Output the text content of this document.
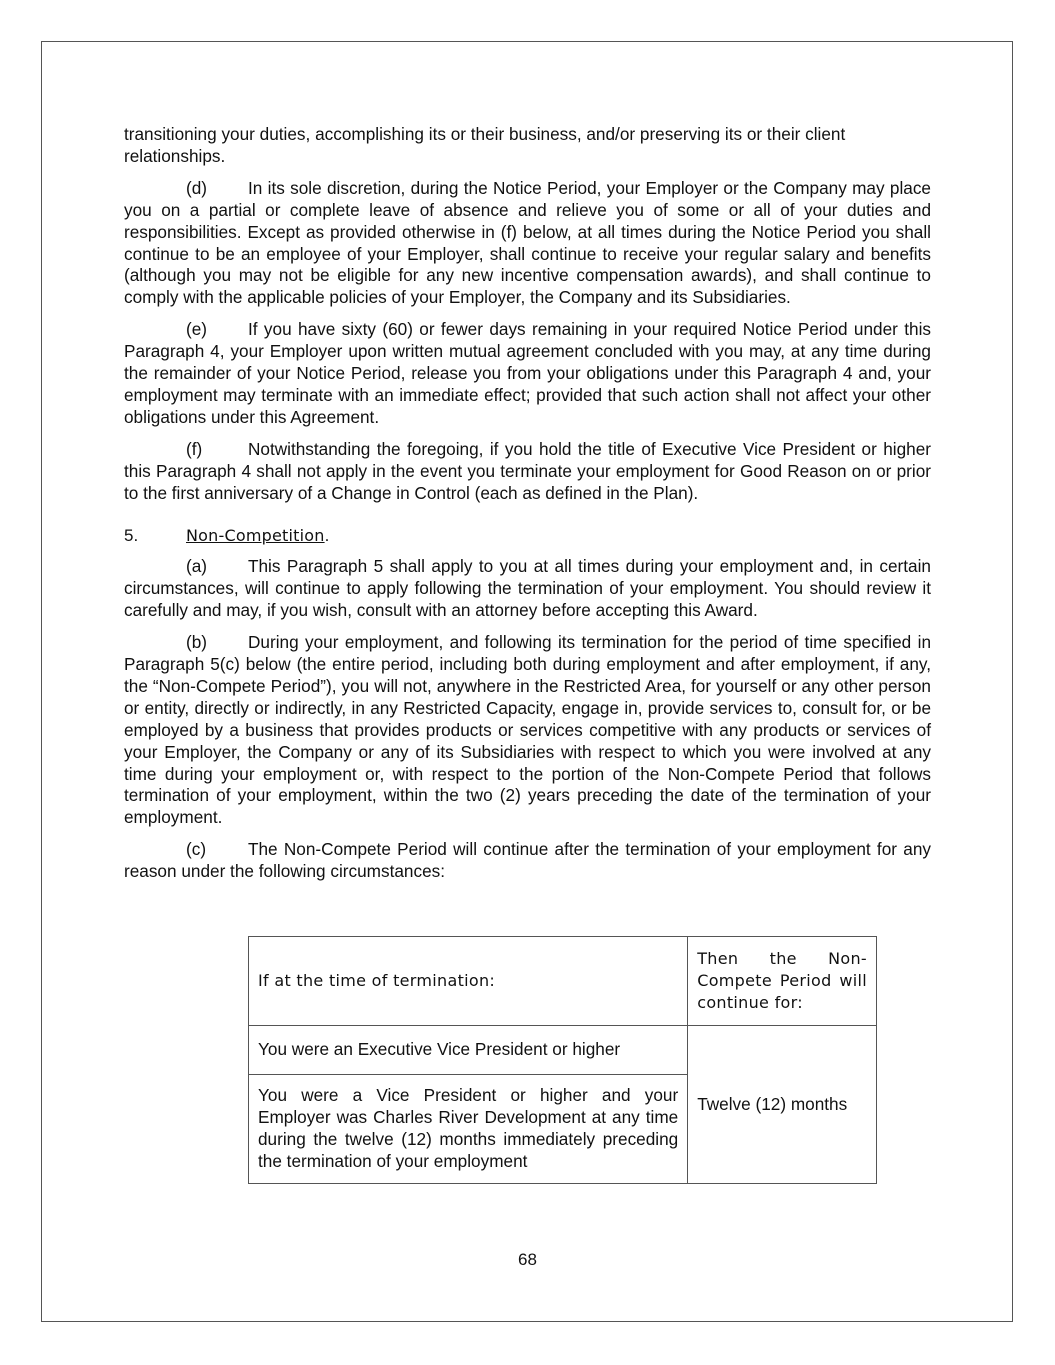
transitioning your duties, accomplishing its or their business, and/or preserving its or their client relationships.

(d) In its sole discretion, during the Notice Period, your Employer or the Company may place you on a partial or complete leave of absence and relieve you of some or all of your duties and responsibilities. Except as provided otherwise in (f) below, at all times during the Notice Period you shall continue to be an employee of your Employer, shall continue to receive your regular salary and benefits (although you may not be eligible for any new incentive compensation awards), and shall continue to comply with the applicable policies of your Employer, the Company and its Subsidiaries.

(e) If you have sixty (60) or fewer days remaining in your required Notice Period under this Paragraph 4, your Employer upon written mutual agreement concluded with you may, at any time during the remainder of your Notice Period, release you from your obligations under this Paragraph 4 and, your employment may terminate with an immediate effect; provided that such action shall not affect your other obligations under this Agreement.

(f)	Notwithstanding the foregoing, if you hold the title of Executive Vice President or higher this Paragraph 4 shall not apply in the event you terminate your employment for Good Reason on or prior to the first anniversary of a Change in Control (each as defined in the Plan).

5.	Non-Competition.

(a) This Paragraph 5 shall apply to you at all times during your employment and, in certain circumstances, will continue to apply following the termination of your employment. You should review it carefully and may, if you wish, consult with an attorney before accepting this Award.

(b) During your employment, and following its termination for the period of time specified in Paragraph 5(c) below (the entire period, including both during employment and after employment, if any, the “Non-Compete Period”), you will not, anywhere in the Restricted Area, for yourself or any other person or entity, directly or indirectly, in any Restricted Capacity, engage in, provide services to, consult for, or be employed by a business that provides products or services competitive with any products or services of your Employer, the Company or any of its Subsidiaries with respect to which you were involved at any time during your employment or, with respect to the portion of the Non-Compete Period that follows termination of your employment, within the two (2) years preceding the date of the termination of your employment.

(c) The Non-Compete Period will continue after the termination of your employment for any reason under the following circumstances:

If at the time of termination:	Then the Non-Compete Period will continue for:
You were an Executive Vice President or higher	Twelve (12) months
You were a Vice President or higher and your Employer was Charles River Development at any time during the twelve (12) months immediately preceding the termination of your employment	
68
